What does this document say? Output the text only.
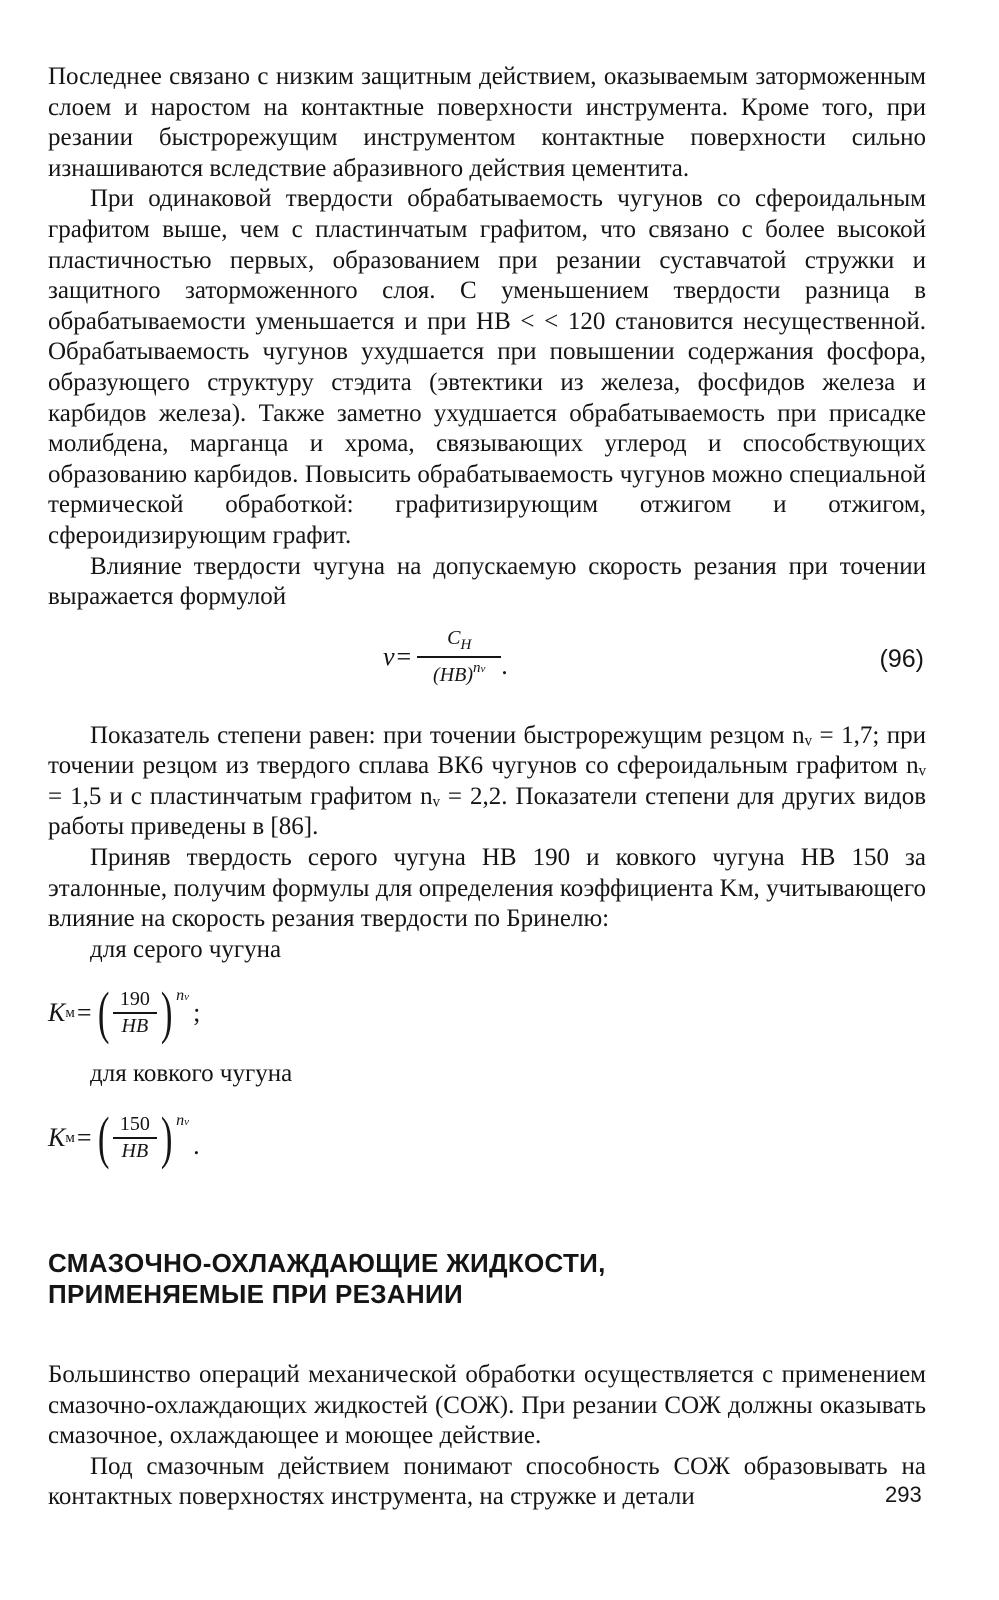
Последнее связано с низким защитным действием, оказываемым заторможенным слоем и наростом на контактные поверхности инструмента. Кроме того, при резании быстрорежущим инструментом контактные поверхности сильно изнашиваются вследствие абразивного действия цементита.

При одинаковой твердости обрабатываемость чугунов со сфероидальным графитом выше, чем с пластинчатым графитом, что связано с более высокой пластичностью первых, образованием при резании суставчатой стружки и защитного заторможенного слоя. С уменьшением твердости разница в обрабатываемости уменьшается и при HB < < 120 становится несущественной. Обрабатываемость чугунов ухудшается при повышении содержания фосфора, образующего структуру стэдита (эвтектики из железа, фосфидов железа и карбидов железа). Также заметно ухудшается обрабатываемость при присадке молибдена, марганца и хрома, связывающих углерод и способствующих образованию карбидов. Повысить обрабатываемость чугунов можно специальной термической обработкой: графитизирующим отжигом и отжигом, сфероидизирующим графит.

Влияние твердости чугуна на допускаемую скорость резания при точении выражается формулой

$v = \frac{C_H}{(HB)^{nv}}$ .	(96)

Показатель степени равен: при точении быстрорежущим резцом nᵥ = 1,7; при точении резцом из твердого сплава ВК6 чугунов со сфероидальным графитом nᵥ = 1,5 и с пластинчатым графитом nᵥ = 2,2. Показатели степени для других видов работы приведены в [86].

Приняв твердость серого чугуна HB 190 и ковкого чугуна HB 150 за эталонные, получим формулы для определения коэффициента Kм, учитывающего влияние на скорость резания твердости по Бринелю:

для серого чугуна

K м = ( 190
HB ) nv
;

для ковкого чугуна

K м = ( 150
HB ) nv
.
СМАЗОЧНО-ОХЛАЖДАЮЩИЕ ЖИДКОСТИ,
ПРИМЕНЯЕМЫЕ ПРИ РЕЗАНИИ

Большинство операций механической обработки осуществляется с применением смазочно-охлаждающих жидкостей (СОЖ). При резании СОЖ должны оказывать смазочное, охлаждающее и моющее действие.

Под смазочным действием понимают способность СОЖ образовывать на контактных поверхностях инструмента, на стружке и детали	293
